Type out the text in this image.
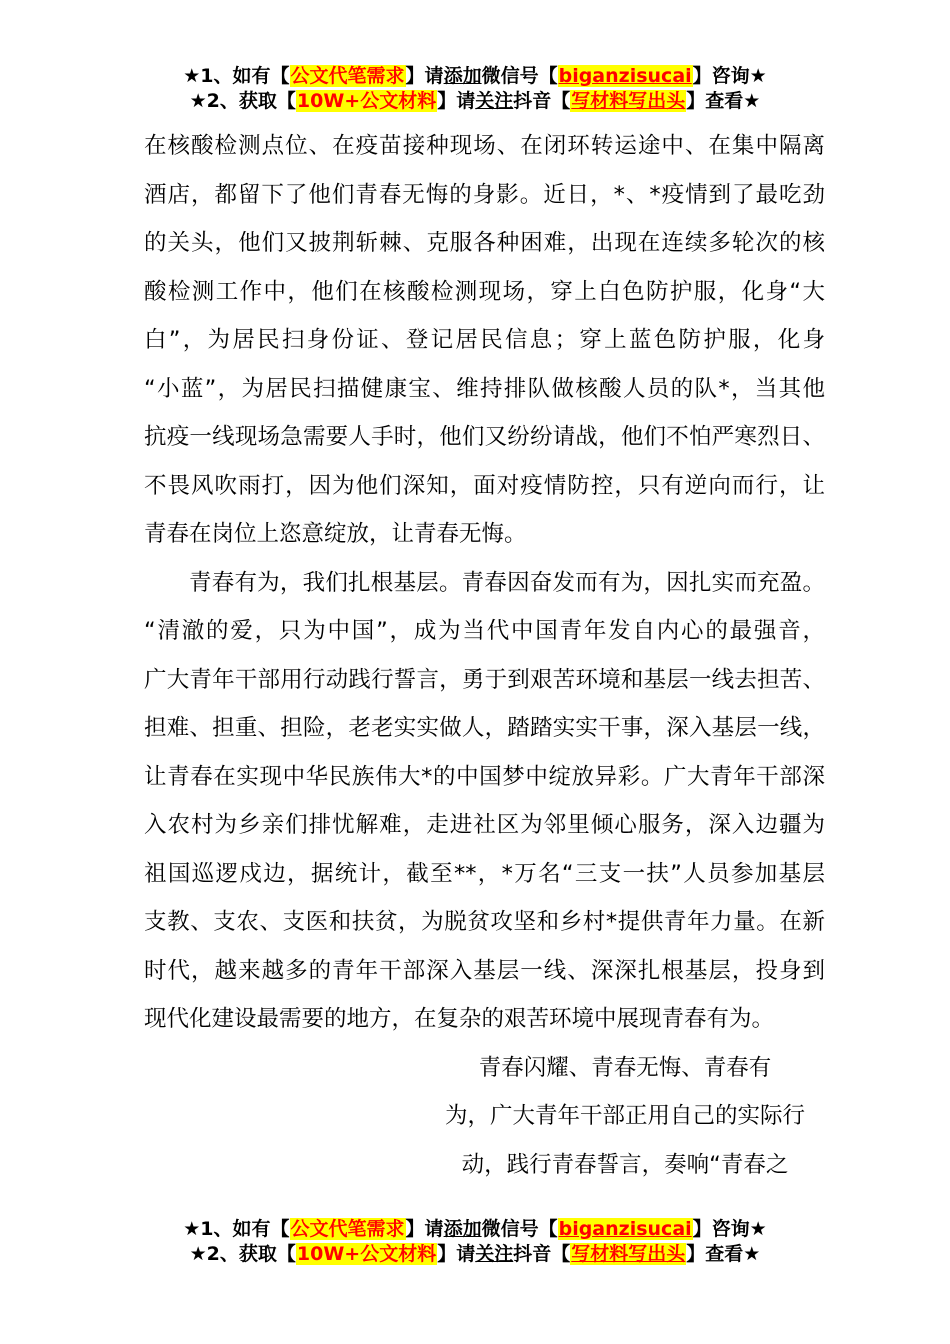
★1、如有【公文代笔需求】请添加微信号【biganzisucai】咨询★
★2、获取【10W+公文材料】请关注抖音【写材料写出头】查看★
在核酸检测点位、在疫苗接种现场、在闭环转运途中、在集中隔离
酒店，都留下了他们青春无悔的身影。近日，*、*疫情到了最吃劲
的关头，他们又披荆斩棘、克服各种困难，出现在连续多轮次的核
酸检测工作中，他们在核酸检测现场，穿上白色防护服，化身“大
白”，为居民扫身份证、登记居民信息；穿上蓝色防护服，化身
“小蓝”，为居民扫描健康宝、维持排队做核酸人员的队*，当其他
抗疫一线现场急需要人手时，他们又纷纷请战，他们不怕严寒烈日、
不畏风吹雨打，因为他们深知，面对疫情防控，只有逆向而行，让
青春在岗位上恣意绽放，让青春无悔。
青春有为，我们扎根基层。青春因奋发而有为，因扎实而充盈。
“清澈的爱，只为中国”，成为当代中国青年发自内心的最强音，
广大青年干部用行动践行誓言，勇于到艰苦环境和基层一线去担苦、
担难、担重、担险，老老实实做人，踏踏实实干事，深入基层一线，
让青春在实现中华民族伟大*的中国梦中绽放异彩。广大青年干部深
入农村为乡亲们排忧解难，走进社区为邻里倾心服务，深入边疆为
祖国巡逻戍边，据统计，截至**，*万名“三支一扶”人员参加基层
支教、支农、支医和扶贫，为脱贫攻坚和乡村*提供青年力量。在新
时代，越来越多的青年干部深入基层一线、深深扎根基层，投身到
现代化建设最需要的地方，在复杂的艰苦环境中展现青春有为。
青春闪耀、青春无悔、青春有
为，广大青年干部正用自己的实际行
动，践行青春誓言，奏响“青春之
★1、如有【公文代笔需求】请添加微信号【biganzisucai】咨询★
★2、获取【10W+公文材料】请关注抖音【写材料写出头】查看★
